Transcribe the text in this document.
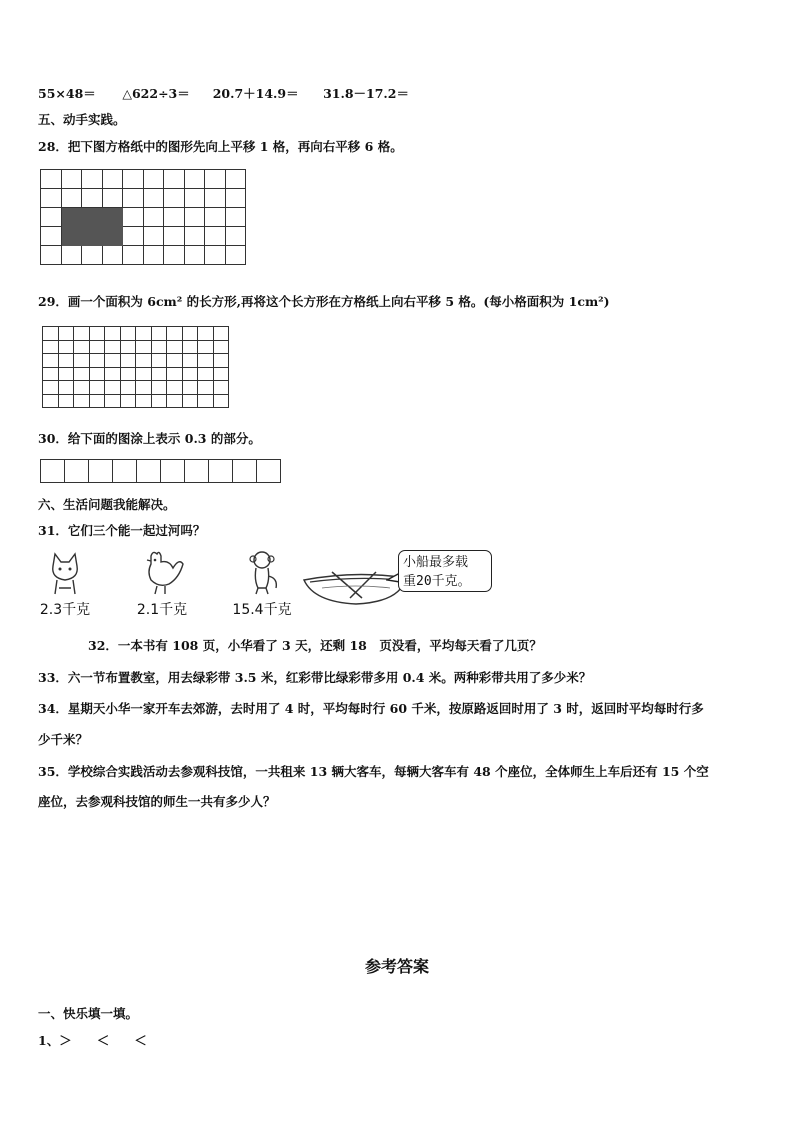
55×48＝ △622÷3＝ 20.7＋14.9＝ 31.8－17.2＝
五、动手实践。
28．把下图方格纸中的图形先向上平移 1 格，再向右平移 6 格。

29．画一个面积为 6cm² 的长方形,再将这个长方形在方格纸上向右平移 5 格。(每小格面积为 1cm²)

30．给下面的图涂上表示 0.3 的部分。

六、生活问题我能解决。
31．它们三个能一起过河吗？
2.3千克	2.1千克	15.4千克
小船最多载
重20千克。
32．一本书有 108 页，小华看了 3 天，还剩 18　页没看，平均每天看了几页？
33．六一节布置教室，用去绿彩带 3.5 米，红彩带比绿彩带多用 0.4 米。两种彩带共用了多少米？
34．星期天小华一家开车去郊游，去时用了 4 时，平均每时行 60 千米，按原路返回时用了 3 时，返回时平均每时行多
少千米？
35．学校综合实践活动去参观科技馆，一共租来 13 辆大客车，每辆大客车有 48 个座位，全体师生上车后还有 15 个空
座位，去参观科技馆的师生一共有多少人？
参考答案
一、快乐填一填。
1、＞　　＜　　＜
